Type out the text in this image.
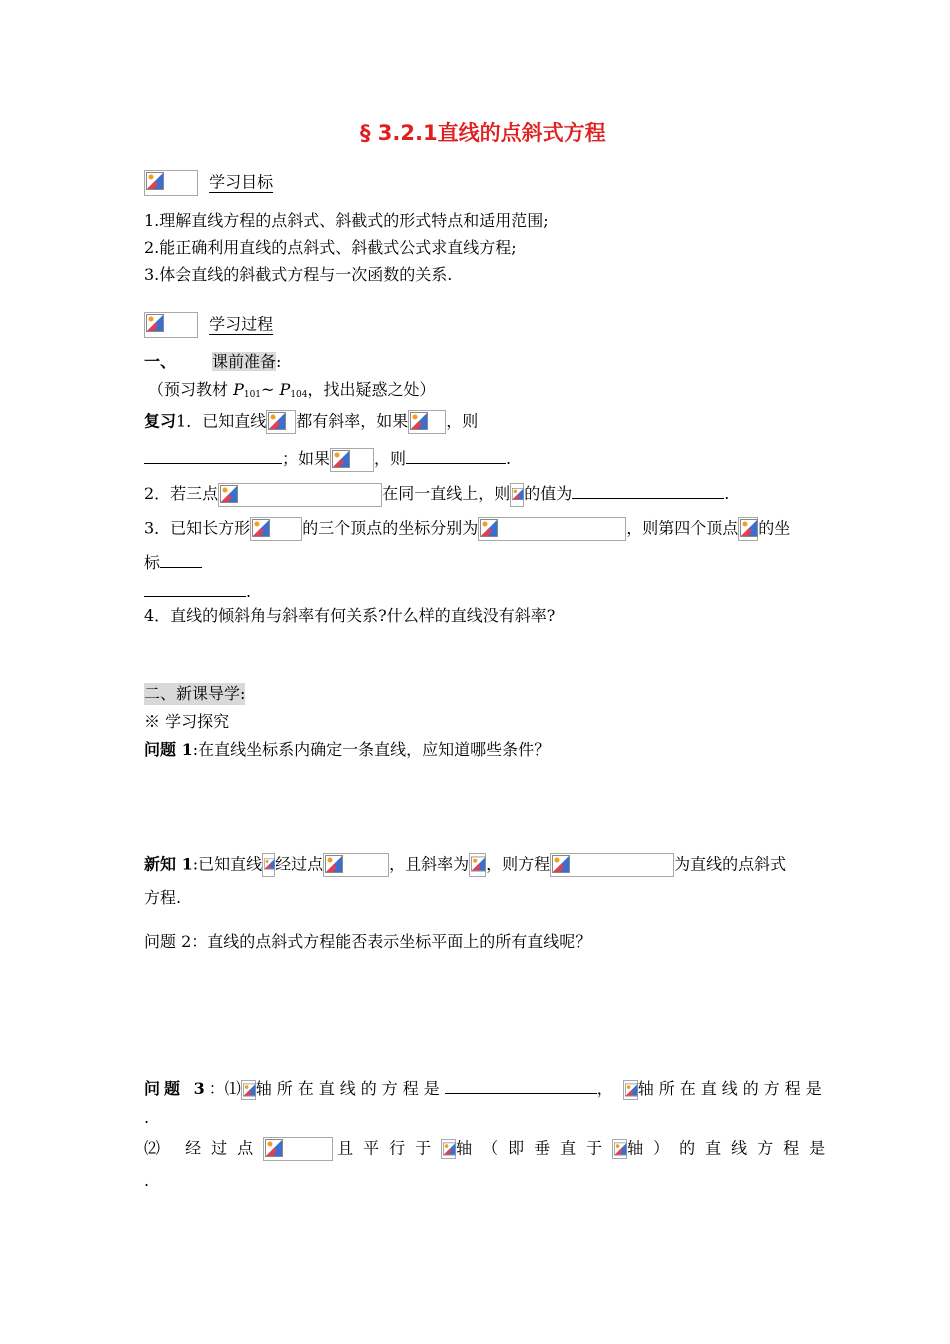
§ 3.2.1直线的点斜式方程
学习目标
1.理解直线方程的点斜式、斜截式的形式特点和适用范围;
2.能正确利用直线的点斜式、斜截式公式求直线方程;
3.体会直线的斜截式方程与一次函数的关系.
学习过程
一、 课前准备:
（预习教材 $P_{101}\sim$ $P_{104}$，找出疑惑之处）
复习1．已知直线 都有斜率，如果 ，则
；如果	，则	.
2．若三点	在同一直线上，则 的值为	.
3．已知长方形	的三个顶点的坐标分别为	，则第四个顶点 的坐
标
.
4．直线的倾斜角与斜率有何关系?什么样的直线没有斜率?
二、新课导学:
※ 学习探究
问题 1:在直线坐标系内确定一条直线，应知道哪些条件？
新知 1:已知直线 经过点	，且斜率为 ，则方程	为直线的点斜式
方程.
问题 2：直线的点斜式方程能否表示坐标平面上的所有直线呢？
问题 3：⑴ 轴所在直线的方程是	， 轴所在直线的方程是
.
⑵ 经过点	且平行于 轴（即垂直于 轴）的直线方程是
.
